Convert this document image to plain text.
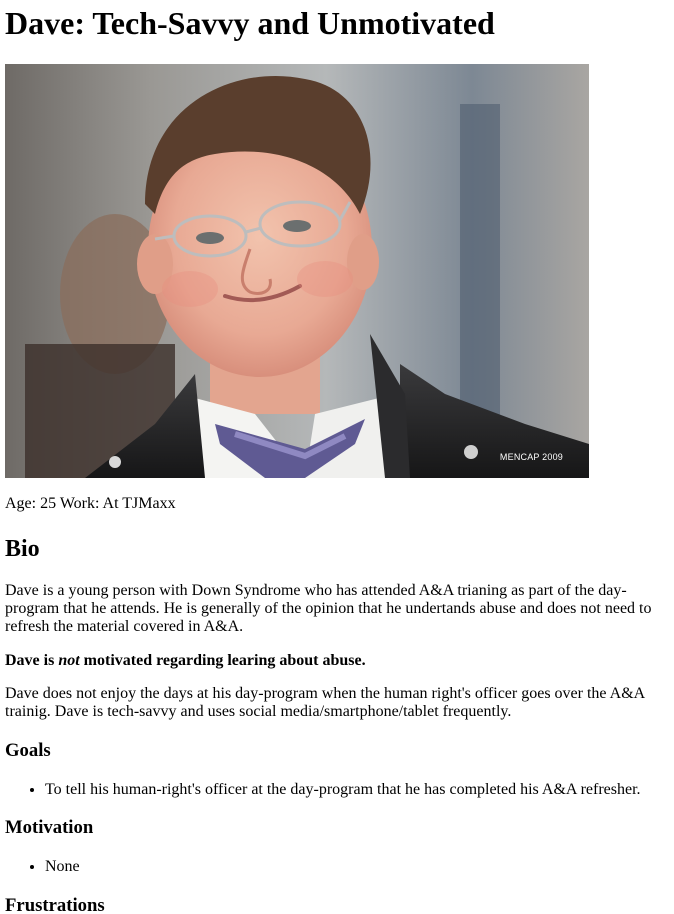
Dave: Tech-Savvy and Unmotivated
MENCAP 2009
Age: 25 Work: At TJMaxx
Bio

Dave is a young person with Down Syndrome who has attended A&A trianing as part of the day-program that he attends. He is generally of the opinion that he undertands abuse and does not need to refresh the material covered in A&A.

Dave is not motivated regarding learing about abuse.

Dave does not enjoy the days at his day-program when the human right's officer goes over the A&A trainig. Dave is tech-savvy and uses social media/smartphone/tablet frequently.

Goals
• To tell his human-right's officer at the day-program that he has completed his A&A refresher.
Motivation
• None
Frustrations
